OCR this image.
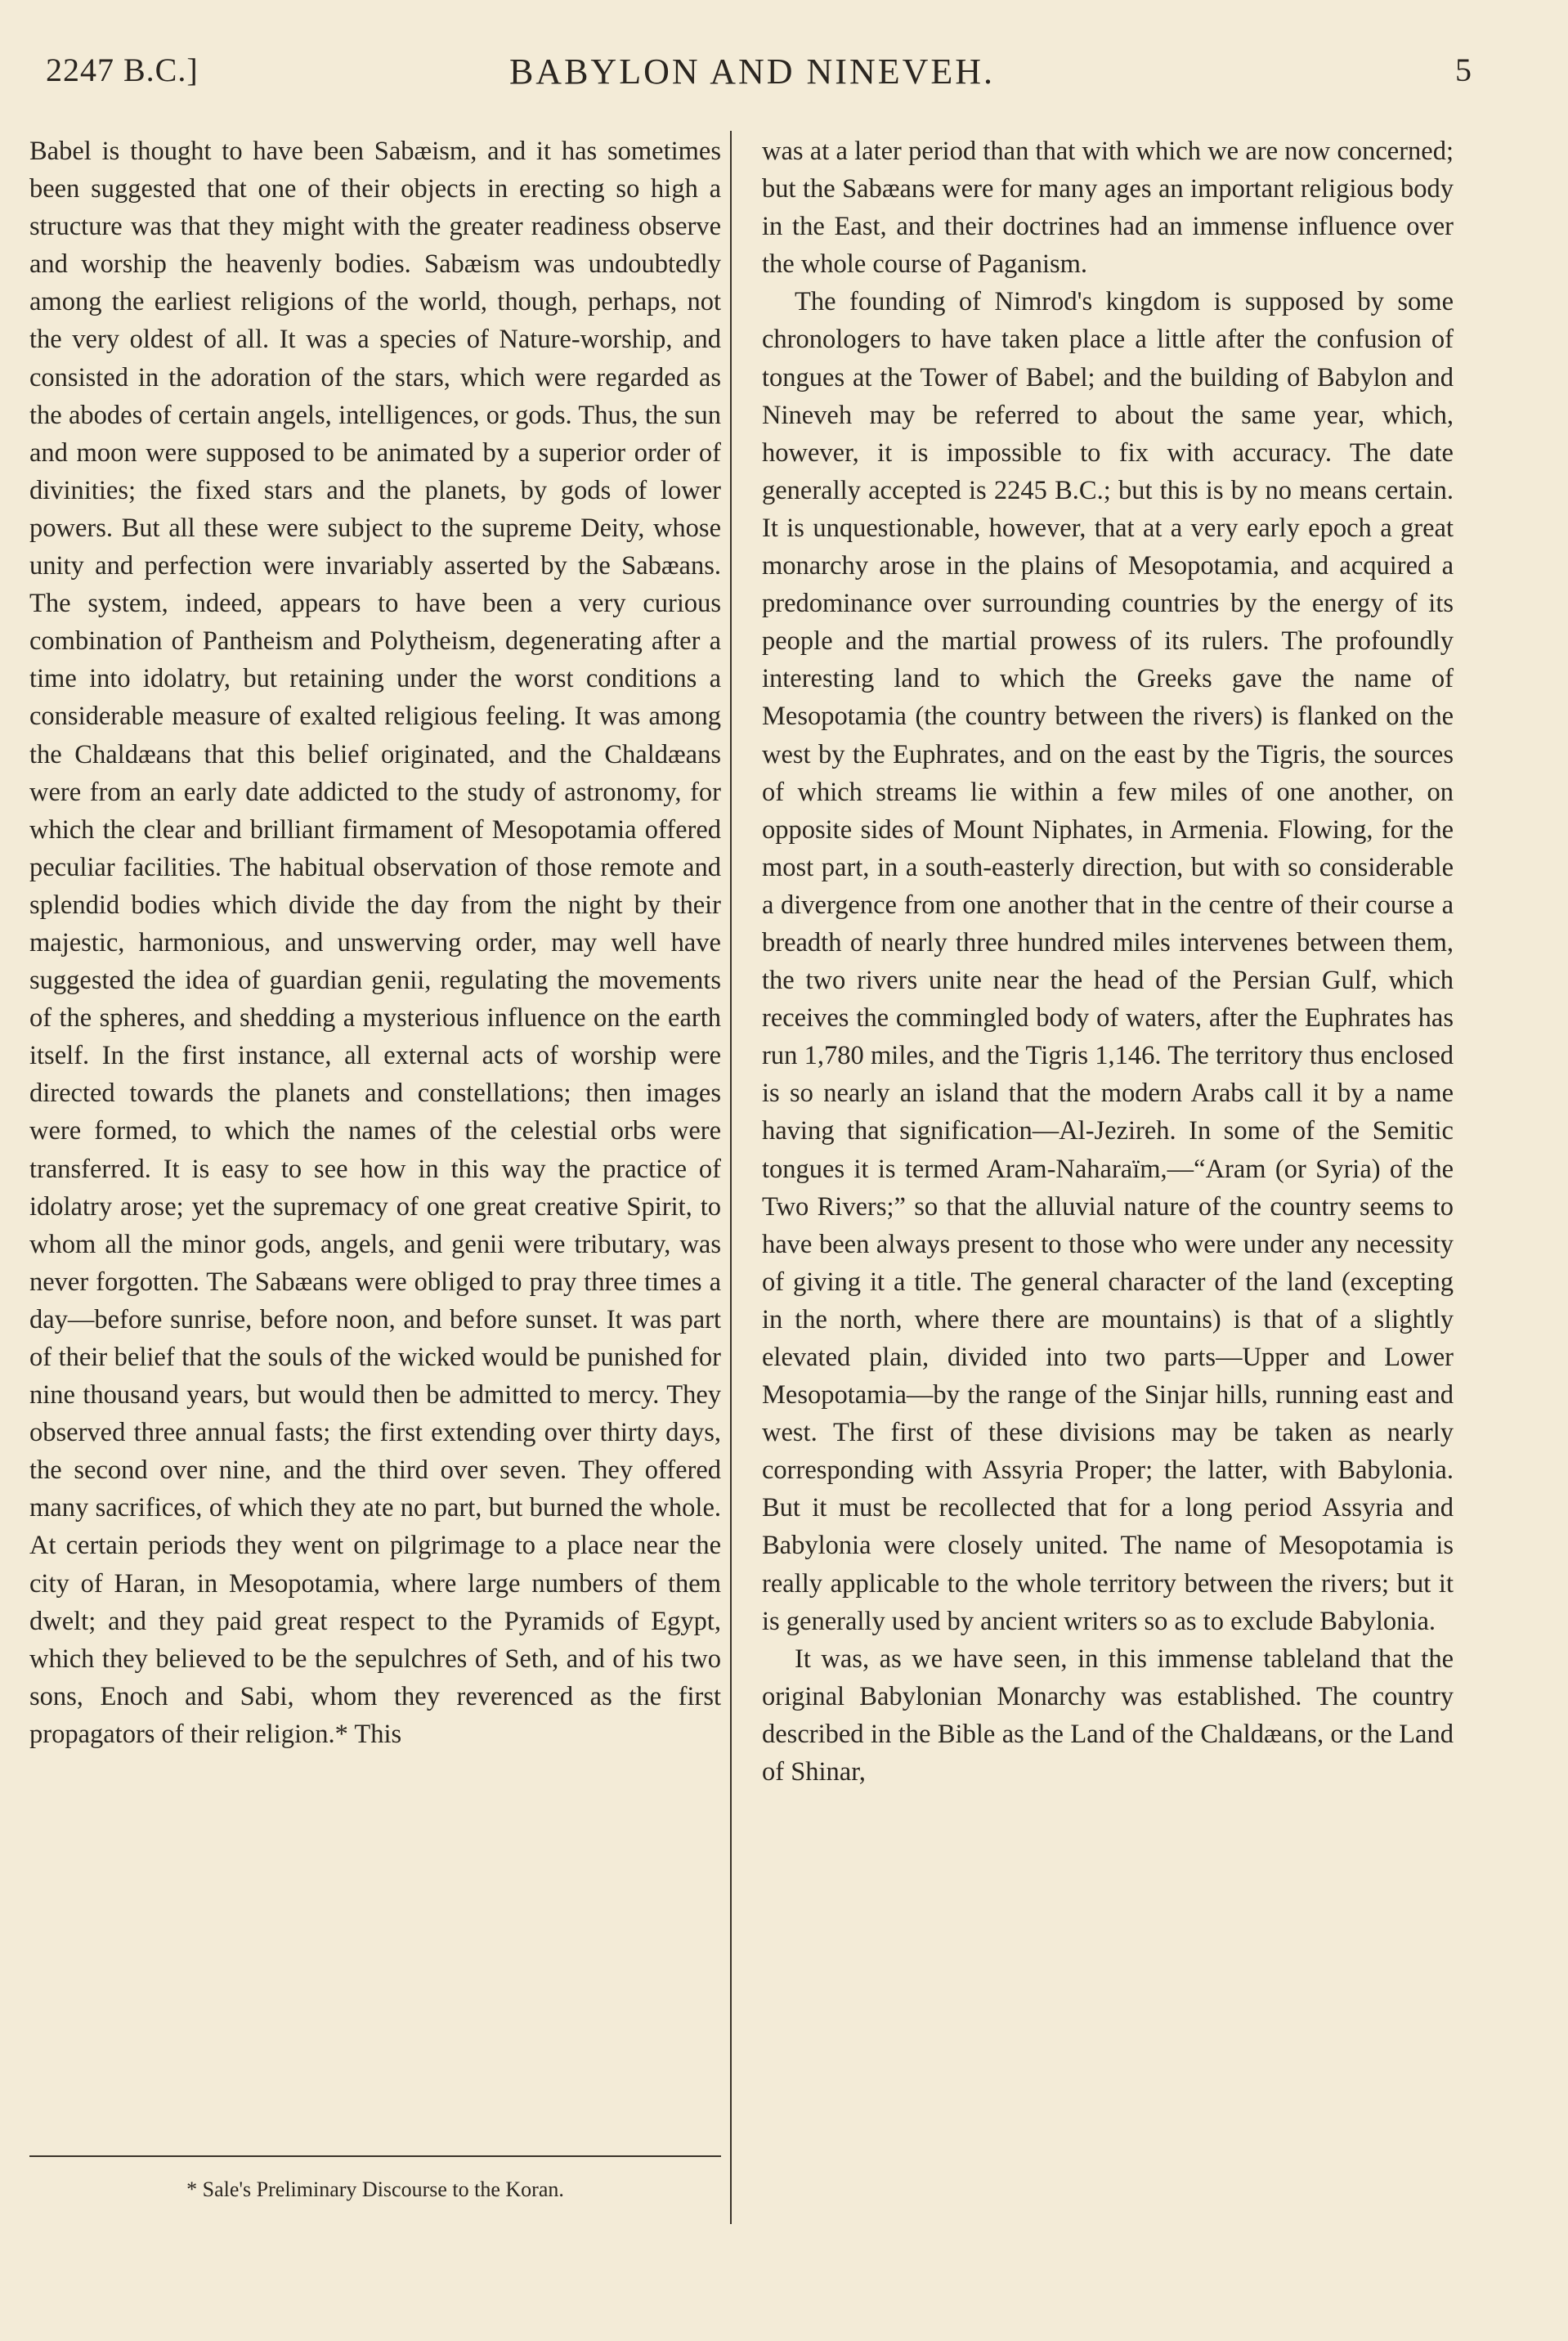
2247 B.C.]	BABYLON AND NINEVEH.	5

Babel is thought to have been Sabæism, and it has sometimes been suggested that one of their objects in erecting so high a structure was that they might with the greater readiness observe and worship the heavenly bodies. Sabæism was undoubtedly among the earliest religions of the world, though, perhaps, not the very oldest of all. It was a species of Nature-worship, and consisted in the adoration of the stars, which were regarded as the abodes of certain angels, intelligences, or gods. Thus, the sun and moon were supposed to be animated by a superior order of divinities; the fixed stars and the planets, by gods of lower powers. But all these were subject to the supreme Deity, whose unity and perfection were invariably asserted by the Sabæans. The system, indeed, appears to have been a very curious combination of Pantheism and Polytheism, degenerating after a time into idolatry, but retaining under the worst conditions a considerable measure of exalted religious feeling. It was among the Chaldæans that this belief originated, and the Chaldæans were from an early date addicted to the study of astronomy, for which the clear and brilliant firmament of Mesopotamia offered peculiar facilities. The habitual observation of those remote and splendid bodies which divide the day from the night by their majestic, harmonious, and unswerving order, may well have suggested the idea of guardian genii, regulating the movements of the spheres, and shedding a mysterious influence on the earth itself. In the first instance, all external acts of worship were directed towards the planets and constellations; then images were formed, to which the names of the celestial orbs were transferred. It is easy to see how in this way the practice of idolatry arose; yet the supremacy of one great creative Spirit, to whom all the minor gods, angels, and genii were tributary, was never forgotten. The Sabæans were obliged to pray three times a day—before sunrise, before noon, and before sunset. It was part of their belief that the souls of the wicked would be punished for nine thousand years, but would then be admitted to mercy. They observed three annual fasts; the first extending over thirty days, the second over nine, and the third over seven. They offered many sacrifices, of which they ate no part, but burned the whole. At certain periods they went on pilgrimage to a place near the city of Haran, in Mesopotamia, where large numbers of them dwelt; and they paid great respect to the Pyramids of Egypt, which they believed to be the sepulchres of Seth, and of his two sons, Enoch and Sabi, whom they reverenced as the first propagators of their religion.* This

was at a later period than that with which we are now concerned; but the Sabæans were for many ages an important religious body in the East, and their doctrines had an immense influence over the whole course of Paganism.

The founding of Nimrod's kingdom is supposed by some chronologers to have taken place a little after the confusion of tongues at the Tower of Babel; and the building of Babylon and Nineveh may be referred to about the same year, which, however, it is impossible to fix with accuracy. The date generally accepted is 2245 B.C.; but this is by no means certain. It is unquestionable, however, that at a very early epoch a great monarchy arose in the plains of Mesopotamia, and acquired a predominance over surrounding countries by the energy of its people and the martial prowess of its rulers. The profoundly interesting land to which the Greeks gave the name of Mesopotamia (the country between the rivers) is flanked on the west by the Euphrates, and on the east by the Tigris, the sources of which streams lie within a few miles of one another, on opposite sides of Mount Niphates, in Armenia. Flowing, for the most part, in a south-easterly direction, but with so considerable a divergence from one another that in the centre of their course a breadth of nearly three hundred miles intervenes between them, the two rivers unite near the head of the Persian Gulf, which receives the commingled body of waters, after the Euphrates has run 1,780 miles, and the Tigris 1,146. The territory thus enclosed is so nearly an island that the modern Arabs call it by a name having that signification—Al-Jezireh. In some of the Semitic tongues it is termed Aram-Naharaïm,—“Aram (or Syria) of the Two Rivers;” so that the alluvial nature of the country seems to have been always present to those who were under any necessity of giving it a title. The general character of the land (excepting in the north, where there are mountains) is that of a slightly elevated plain, divided into two parts—Upper and Lower Mesopotamia—by the range of the Sinjar hills, running east and west. The first of these divisions may be taken as nearly corresponding with Assyria Proper; the latter, with Babylonia. But it must be recollected that for a long period Assyria and Babylonia were closely united. The name of Mesopotamia is really applicable to the whole territory between the rivers; but it is generally used by ancient writers so as to exclude Babylonia.

It was, as we have seen, in this immense tableland that the original Babylonian Monarchy was established. The country described in the Bible as the Land of the Chaldæans, or the Land of Shinar,

* Sale's Preliminary Discourse to the Koran.
